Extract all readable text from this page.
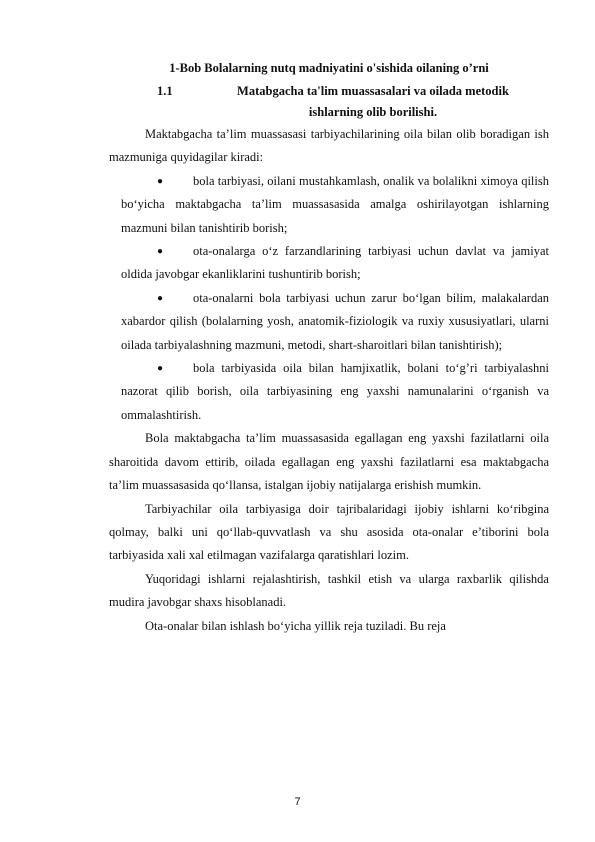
1-Bob Bolalarning nutq madniyatini o'sishida oilaning o’rni
1.1	Matabgacha ta'lim muassasalari va oilada metodik
ishlarning olib borilishi.

Maktabgacha ta’lim muassasasi tarbiyachilarining oila bilan olib boradigan ish mazmuniga quyidagilar kiradi:

● bola tarbiyasi, oilani mustahkamlash, onalik va bolalikni ximoya qilish bo‘yicha maktabgacha ta’lim muassasasida amalga oshirilayotgan ishlarning mazmuni bilan tanishtirib borish;
● ota-onalarga o‘z farzandlarining tarbiyasi uchun davlat va jamiyat oldida javobgar ekanliklarini tushuntirib borish;
● ota-onalarni bola tarbiyasi uchun zarur bo‘lgan bilim, malakalardan xabardor qilish (bolalarning yosh, anatomik-fiziologik va ruxiy xususiyatlari, ularni oilada tarbiyalashning mazmuni, metodi, shart-sharoitlari bilan tanishtirish);
● bola tarbiyasida oila bilan hamjixatlik, bolani to‘g’ri tarbiyalashni nazorat qilib borish, oila tarbiyasining eng yaxshi namunalarini o‘rganish va ommalashtirish.

Bola maktabgacha ta’lim muassasasida egallagan eng yaxshi fazilatlarni oila sharoitida davom ettirib, oilada egallagan eng yaxshi fazilatlarni esa maktabgacha ta’lim muassasasida qo‘llansa, istalgan ijobiy natijalarga erishish mumkin.

Tarbiyachilar oila tarbiyasiga doir tajribalaridagi ijobiy ishlarni ko‘ribgina qolmay, balki uni qo‘llab-quvvatlash va shu asosida ota-onalar e’tiborini bola tarbiyasida xali xal etilmagan vazifalarga qaratishlari lozim.

Yuqoridagi ishlarni rejalashtirish, tashkil etish va ularga raxbarlik qilishda mudira javobgar shaxs hisoblanadi.

Ota-onalar bilan ishlash bo‘yicha yillik reja tuziladi. Bu reja

7
